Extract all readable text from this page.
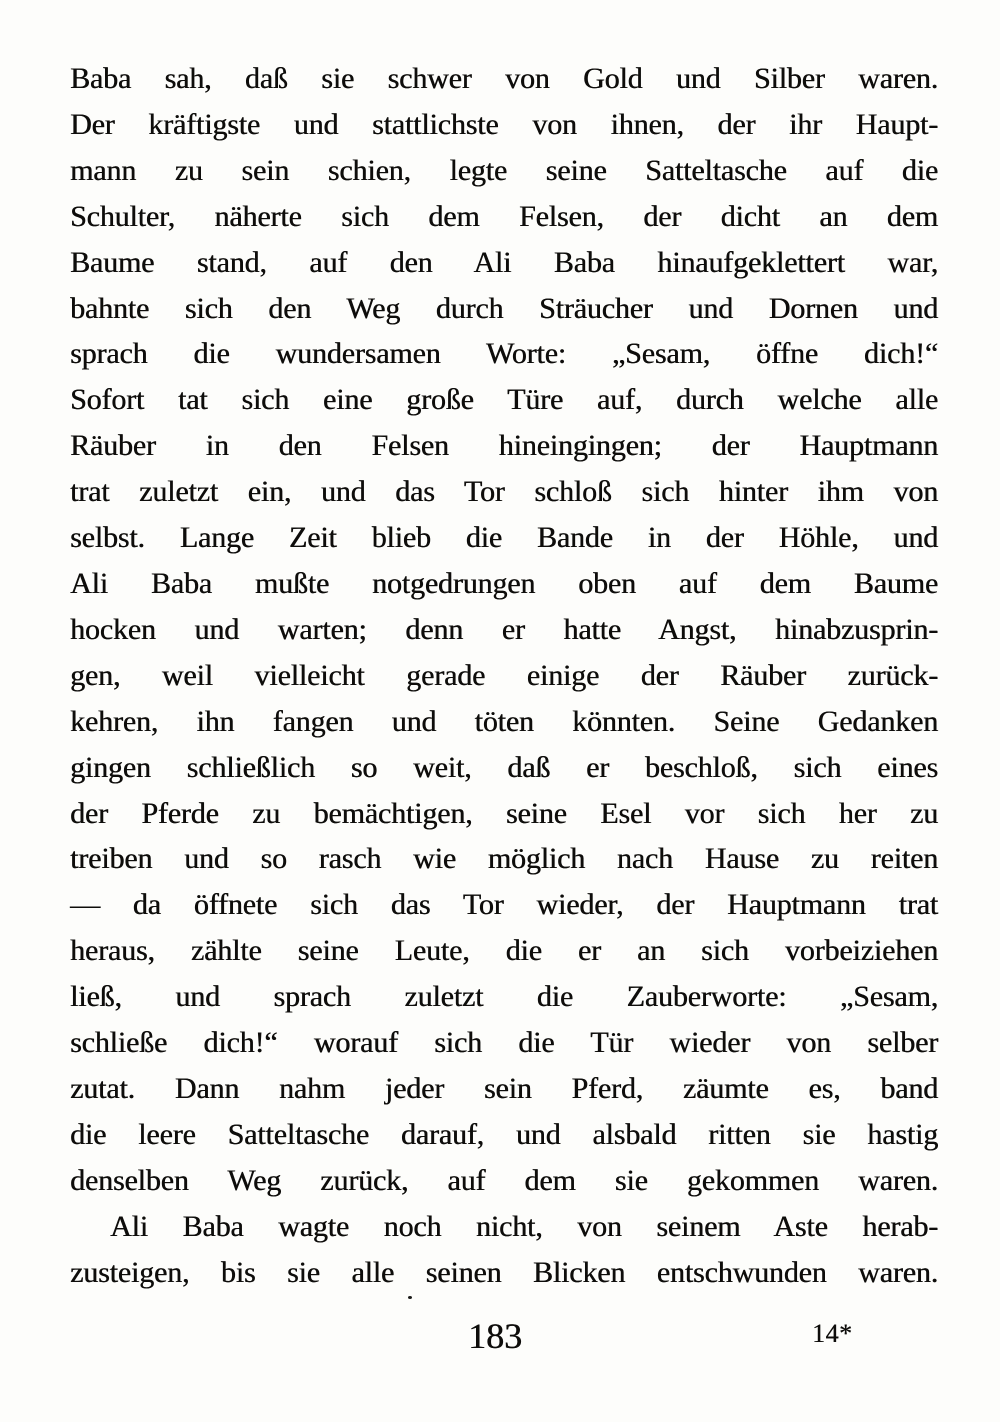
Baba sah, daß sie schwer von Gold und Silber waren.
Der kräftigste und stattlichste von ihnen, der ihr Haupt-
mann zu sein schien, legte seine Satteltasche auf die
Schulter, näherte sich dem Felsen, der dicht an dem
Baume stand, auf den Ali Baba hinaufgeklettert war,
bahnte sich den Weg durch Sträucher und Dornen und
sprach die wundersamen Worte: „Sesam, öffne dich!“
Sofort tat sich eine große Türe auf, durch welche alle
Räuber in den Felsen hineingingen; der Hauptmann
trat zuletzt ein, und das Tor schloß sich hinter ihm von
selbst. Lange Zeit blieb die Bande in der Höhle, und
Ali Baba mußte notgedrungen oben auf dem Baume
hocken und warten; denn er hatte Angst, hinabzusprin-
gen, weil vielleicht gerade einige der Räuber zurück-
kehren, ihn fangen und töten könnten. Seine Gedanken
gingen schließlich so weit, daß er beschloß, sich eines
der Pferde zu bemächtigen, seine Esel vor sich her zu
treiben und so rasch wie möglich nach Hause zu reiten
— da öffnete sich das Tor wieder, der Hauptmann trat
heraus, zählte seine Leute, die er an sich vorbeiziehen
ließ, und sprach zuletzt die Zauberworte: „Sesam,
schließe dich!“ worauf sich die Tür wieder von selber
zutat. Dann nahm jeder sein Pferd, zäumte es, band
die leere Satteltasche darauf, und alsbald ritten sie hastig
denselben Weg zurück, auf dem sie gekommen waren.
Ali Baba wagte noch nicht, von seinem Aste herab-
zusteigen, bis sie alle seinen Blicken entschwunden waren.
183	14*
